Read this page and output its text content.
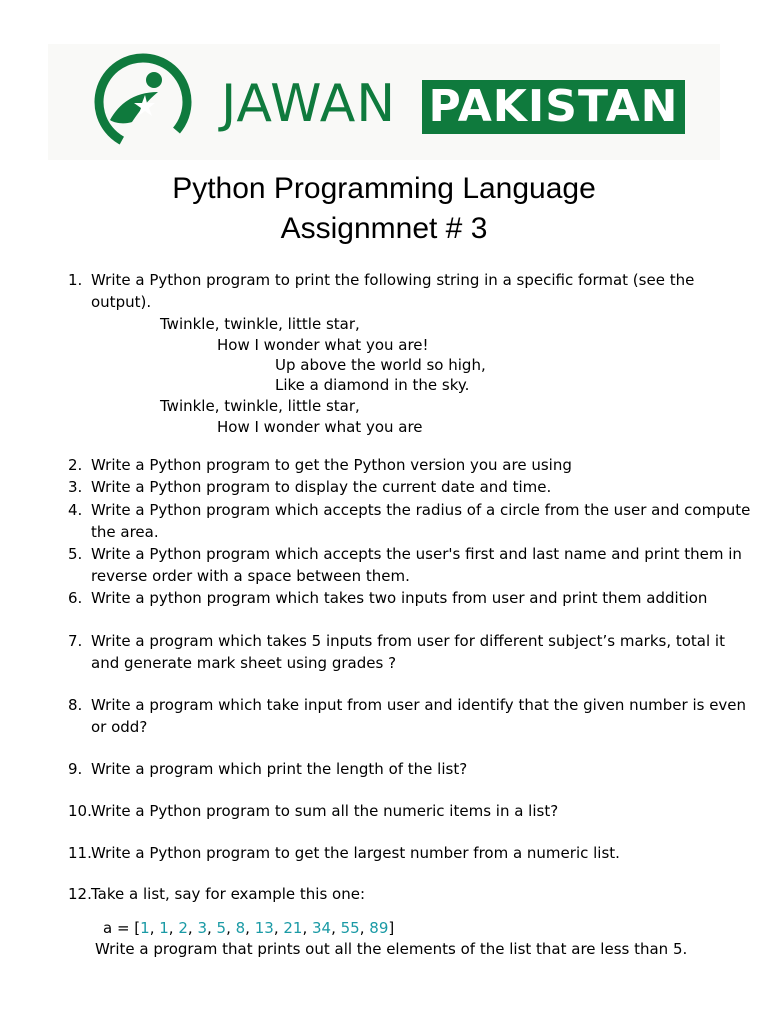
JAWAN PAKISTAN
Python Programming Language
Assignmnet # 3
1. Write a Python program to print the following string in a specific format (see the
output).
Twinkle, twinkle, little star,
How I wonder what you are!
Up above the world so high,
Like a diamond in the sky.
Twinkle, twinkle, little star,
How I wonder what you are
2. Write a Python program to get the Python version you are using
3. Write a Python program to display the current date and time.
4. Write a Python program which accepts the radius of a circle from the user and compute
the area.
5. Write a Python program which accepts the user's first and last name and print them in
reverse order with a space between them.
6. Write a python program which takes two inputs from user and print them addition
7. Write a program which takes 5 inputs from user for different subject’s marks, total it
and generate mark sheet using grades ?
8. Write a program which take input from user and identify that the given number is even
or odd?
9. Write a program which print the length of the list?
10. Write a Python program to sum all the numeric items in a list?
11. Write a Python program to get the largest number from a numeric list.
12. Take a list, say for example this one:
a = [1, 1, 2, 3, 5, 8, 13, 21, 34, 55, 89]
Write a program that prints out all the elements of the list that are less than 5.
